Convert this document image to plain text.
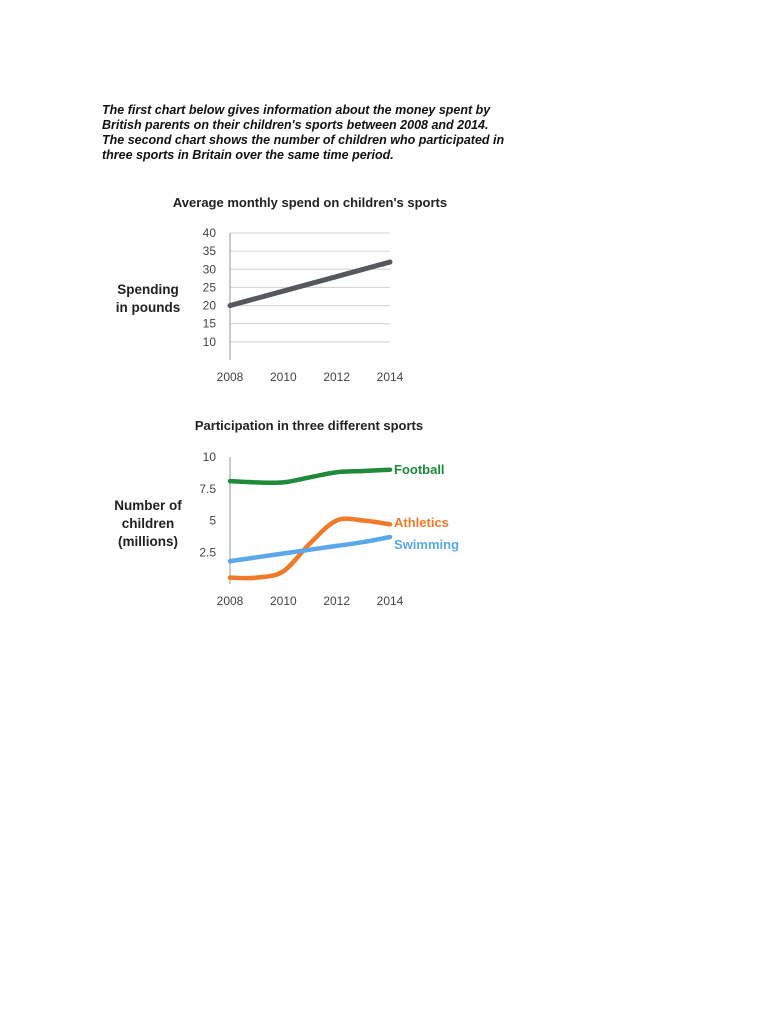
The first chart below gives information about the money spent by
British parents on their children's sports between 2008 and 2014.
The second chart shows the number of children who participated in
three sports in Britain over the same time period.
Average monthly spend on children's sports
Spending
in pounds
10
15
20
25
30
35
40
2008 2010 2012 2014
Participation in three different sports
Number of
children
(millions)
2.5
5
7.5
10
2008 2010 2012 2014
Football
Athletics
Swimming
